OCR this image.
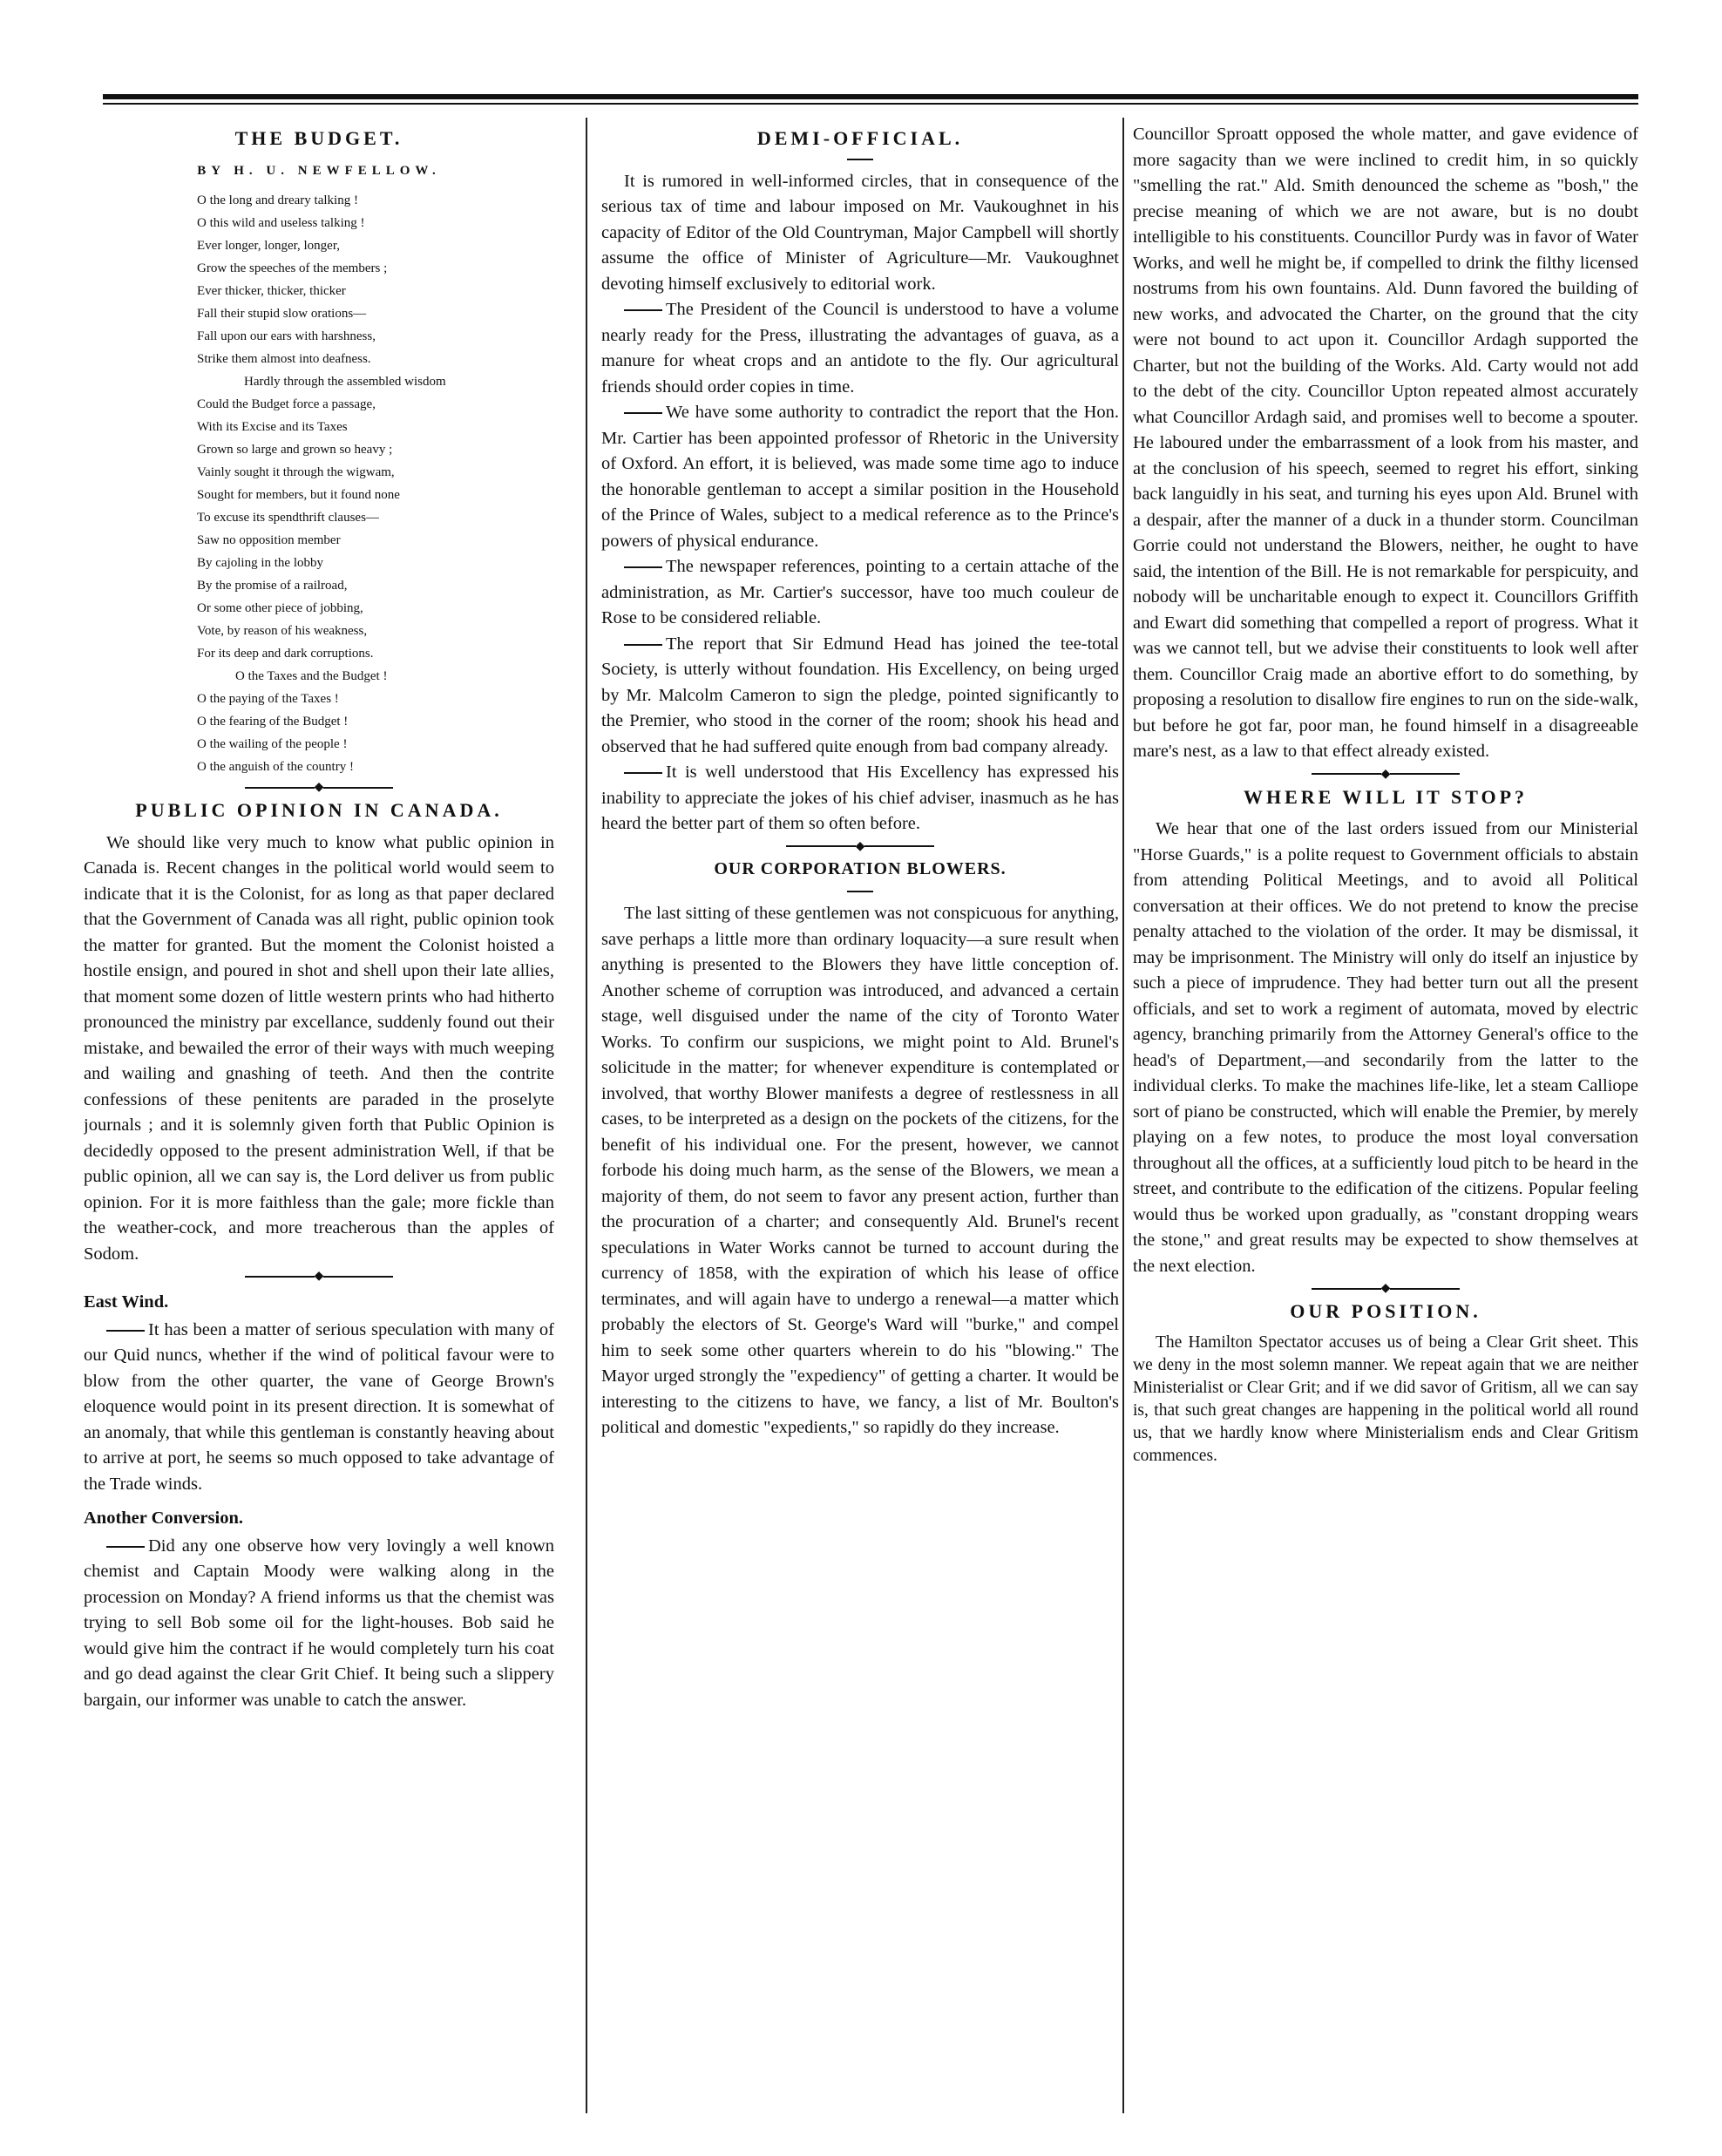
THE BUDGET.
BY H. U. NEWFELLOW.
O the long and dreary talking !
O this wild and useless talking !
Ever longer, longer, longer,
Grow the speeches of the members ;
Ever thicker, thicker, thicker
Fall their stupid slow orations—
Fall upon our ears with harshness,
Strike them almost into deafness.
Hardly through the assembled wisdom
Could the Budget force a passage,
With its Excise and its Taxes
Grown so large and grown so heavy ;
Vainly sought it through the wigwam,
Sought for members, but it found none
To excuse its spendthrift clauses—
Saw no opposition member
By cajoling in the lobby
By the promise of a railroad,
Or some other piece of jobbing,
Vote, by reason of his weakness,
For its deep and dark corruptions.
O the Taxes and the Budget !
O the paying of the Taxes !
O the fearing of the Budget !
O the wailing of the people !
O the anguish of the country !
◆
PUBLIC OPINION IN CANADA.

We should like very much to know what public opinion in Canada is. Recent changes in the political world would seem to indicate that it is the Colonist, for as long as that paper declared that the Government of Canada was all right, public opinion took the matter for granted. But the moment the Colonist hoisted a hostile ensign, and poured in shot and shell upon their late allies, that moment some dozen of little western prints who had hitherto pronounced the ministry par excellance, suddenly found out their mistake, and bewailed the error of their ways with much weeping and wailing and gnashing of teeth. And then the contrite confessions of these penitents are paraded in the proselyte journals ; and it is solemnly given forth that Public Opinion is decidedly opposed to the present administration Well, if that be public opinion, all we can say is, the Lord deliver us from public opinion. For it is more faithless than the gale; more fickle than the weather-cock, and more treacherous than the apples of Sodom.

◆
East Wind.

It has been a matter of serious speculation with many of our Quid nuncs, whether if the wind of political favour were to blow from the other quarter, the vane of George Brown's eloquence would point in its present direction. It is somewhat of an anomaly, that while this gentleman is constantly heaving about to arrive at port, he seems so much opposed to take advantage of the Trade winds.

Another Conversion.

Did any one observe how very lovingly a well known chemist and Captain Moody were walking along in the procession on Monday? A friend informs us that the chemist was trying to sell Bob some oil for the light-houses. Bob said he would give him the contract if he would completely turn his coat and go dead against the clear Grit Chief. It being such a slippery bargain, our informer was unable to catch the answer.

DEMI-OFFICIAL.

It is rumored in well-informed circles, that in consequence of the serious tax of time and labour imposed on Mr. Vaukoughnet in his capacity of Editor of the Old Countryman, Major Campbell will shortly assume the office of Minister of Agriculture—Mr. Vaukoughnet devoting himself exclusively to editorial work.

The President of the Council is understood to have a volume nearly ready for the Press, illustrating the advantages of guava, as a manure for wheat crops and an antidote to the fly. Our agricultural friends should order copies in time.

We have some authority to contradict the report that the Hon. Mr. Cartier has been appointed professor of Rhetoric in the University of Oxford. An effort, it is believed, was made some time ago to induce the honorable gentleman to accept a similar position in the Household of the Prince of Wales, subject to a medical reference as to the Prince's powers of physical endurance.

The newspaper references, pointing to a certain attache of the administration, as Mr. Cartier's successor, have too much couleur de Rose to be considered reliable.

The report that Sir Edmund Head has joined the tee-total Society, is utterly without foundation. His Excellency, on being urged by Mr. Malcolm Cameron to sign the pledge, pointed significantly to the Premier, who stood in the corner of the room; shook his head and observed that he had suffered quite enough from bad company already.

It is well understood that His Excellency has expressed his inability to appreciate the jokes of his chief adviser, inasmuch as he has heard the better part of them so often before.

◆
OUR CORPORATION BLOWERS.

The last sitting of these gentlemen was not conspicuous for anything, save perhaps a little more than ordinary loquacity—a sure result when anything is presented to the Blowers they have little conception of. Another scheme of corruption was introduced, and advanced a certain stage, well disguised under the name of the city of Toronto Water Works. To confirm our suspicions, we might point to Ald. Brunel's solicitude in the matter; for whenever expenditure is contemplated or involved, that worthy Blower manifests a degree of restlessness in all cases, to be interpreted as a design on the pockets of the citizens, for the benefit of his individual one. For the present, however, we cannot forbode his doing much harm, as the sense of the Blowers, we mean a majority of them, do not seem to favor any present action, further than the procuration of a charter; and consequently Ald. Brunel's recent speculations in Water Works cannot be turned to account during the currency of 1858, with the expiration of which his lease of office terminates, and will again have to undergo a renewal—a matter which probably the electors of St. George's Ward will "burke," and compel him to seek some other quarters wherein to do his "blowing." The Mayor urged strongly the "expediency" of getting a charter. It would be interesting to the citizens to have, we fancy, a list of Mr. Boulton's political and domestic "expedients," so rapidly do they increase.

Councillor Sproatt opposed the whole matter, and gave evidence of more sagacity than we were inclined to credit him, in so quickly "smelling the rat." Ald. Smith denounced the scheme as "bosh," the precise meaning of which we are not aware, but is no doubt intelligible to his constituents. Councillor Purdy was in favor of Water Works, and well he might be, if compelled to drink the filthy licensed nostrums from his own fountains. Ald. Dunn favored the building of new works, and advocated the Charter, on the ground that the city were not bound to act upon it. Councillor Ardagh supported the Charter, but not the building of the Works. Ald. Carty would not add to the debt of the city. Councillor Upton repeated almost accurately what Councillor Ardagh said, and promises well to become a spouter. He laboured under the embarrassment of a look from his master, and at the conclusion of his speech, seemed to regret his effort, sinking back languidly in his seat, and turning his eyes upon Ald. Brunel with a despair, after the manner of a duck in a thunder storm. Councilman Gorrie could not understand the Blowers, neither, he ought to have said, the intention of the Bill. He is not remarkable for perspicuity, and nobody will be uncharitable enough to expect it. Councillors Griffith and Ewart did something that compelled a report of progress. What it was we cannot tell, but we advise their constituents to look well after them. Councillor Craig made an abortive effort to do something, by proposing a resolution to disallow fire engines to run on the side-walk, but before he got far, poor man, he found himself in a disagreeable mare's nest, as a law to that effect already existed.

◆
WHERE WILL IT STOP?

We hear that one of the last orders issued from our Ministerial "Horse Guards," is a polite request to Government officials to abstain from attending Political Meetings, and to avoid all Political conversation at their offices. We do not pretend to know the precise penalty attached to the violation of the order. It may be dismissal, it may be imprisonment. The Ministry will only do itself an injustice by such a piece of imprudence. They had better turn out all the present officials, and set to work a regiment of automata, moved by electric agency, branching primarily from the Attorney General's office to the head's of Department,—and secondarily from the latter to the individual clerks. To make the machines life-like, let a steam Calliope sort of piano be constructed, which will enable the Premier, by merely playing on a few notes, to produce the most loyal conversation throughout all the offices, at a sufficiently loud pitch to be heard in the street, and contribute to the edification of the citizens. Popular feeling would thus be worked upon gradually, as "constant dropping wears the stone," and great results may be expected to show themselves at the next election.

◆
OUR POSITION.

The Hamilton Spectator accuses us of being a Clear Grit sheet. This we deny in the most solemn manner. We repeat again that we are neither Ministerialist or Clear Grit; and if we did savor of Gritism, all we can say is, that such great changes are happening in the political world all round us, that we hardly know where Ministerialism ends and Clear Gritism commences.
